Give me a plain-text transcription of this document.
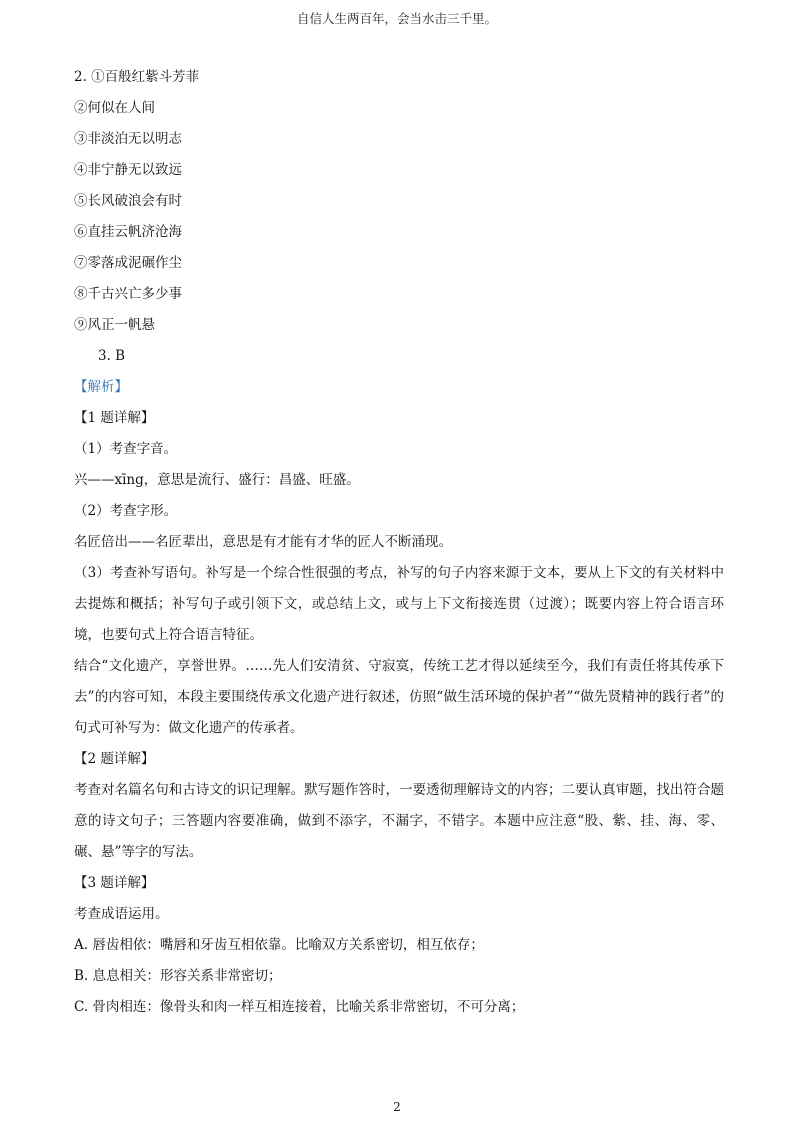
自信人生两百年，会当水击三千里。
2. ①百般红紫斗芳菲
②何似在人间
③非淡泊无以明志
④非宁静无以致远
⑤长风破浪会有时
⑥直挂云帆济沧海
⑦零落成泥碾作尘
⑧千古兴亡多少事
⑨风正一帆悬
3. B
【解析】
【1 题详解】
（1）考查字音。
兴——xīng，意思是流行、盛行：昌盛、旺盛。
（2）考查字形。
名匠倍出——名匠辈出，意思是有才能有才华的匠人不断涌现。
（3）考查补写语句。补写是一个综合性很强的考点，补写的句子内容来源于文本，要从上下文的有关材料中去提炼和概括；补写句子或引领下文，或总结上文，或与上下文衔接连贯（过渡）；既要内容上符合语言环境，也要句式上符合语言特征。
结合“文化遗产，享誉世界。……先人们安清贫、守寂寞，传统工艺才得以延续至今，我们有责任将其传承下去”的内容可知，本段主要围绕传承文化遗产进行叙述，仿照“做生活环境的保护者”“做先贤精神的践行者”的句式可补写为：做文化遗产的传承者。
【2 题详解】
考查对名篇名句和古诗文的识记理解。默写题作答时，一要透彻理解诗文的内容；二要认真审题，找出符合题意的诗文句子；三答题内容要准确，做到不添字，不漏字，不错字。本题中应注意“股、紫、挂、海、零、碾、悬”等字的写法。
【3 题详解】
考查成语运用。
A. 唇齿相依：嘴唇和牙齿互相依靠。比喻双方关系密切，相互依存；
B. 息息相关：形容关系非常密切；
C. 骨肉相连：像骨头和肉一样互相连接着，比喻关系非常密切，不可分离；
2
